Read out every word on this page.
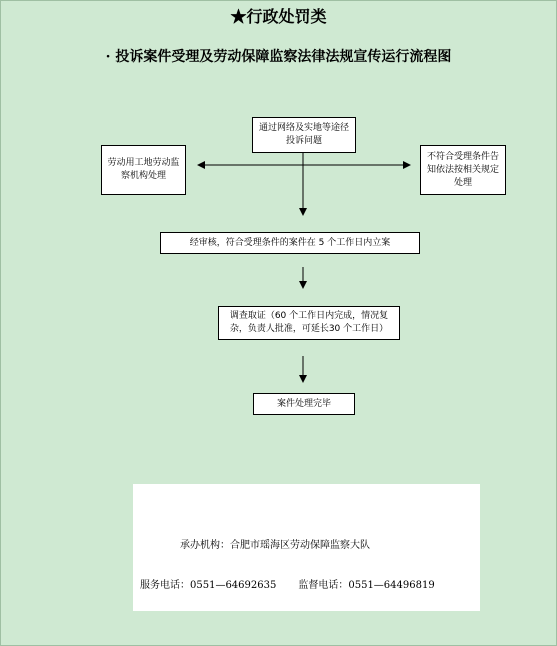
★行政处罚类
· 投诉案件受理及劳动保障监察法律法规宣传运行流程图
通过网络及实地等途径投诉问题
劳动用工地劳动监察机构处理
不符合受理条件告知依法按相关规定处理
经审核，符合受理条件的案件在 5 个工作日内立案
调查取证（60 个工作日内完成，情况复杂，负责人批准，可延长30 个工作日）
案件处理完毕
承办机构：合肥市瑶海区劳动保障监察大队
服务电话：0551—64692635 监督电话：0551—64496819
